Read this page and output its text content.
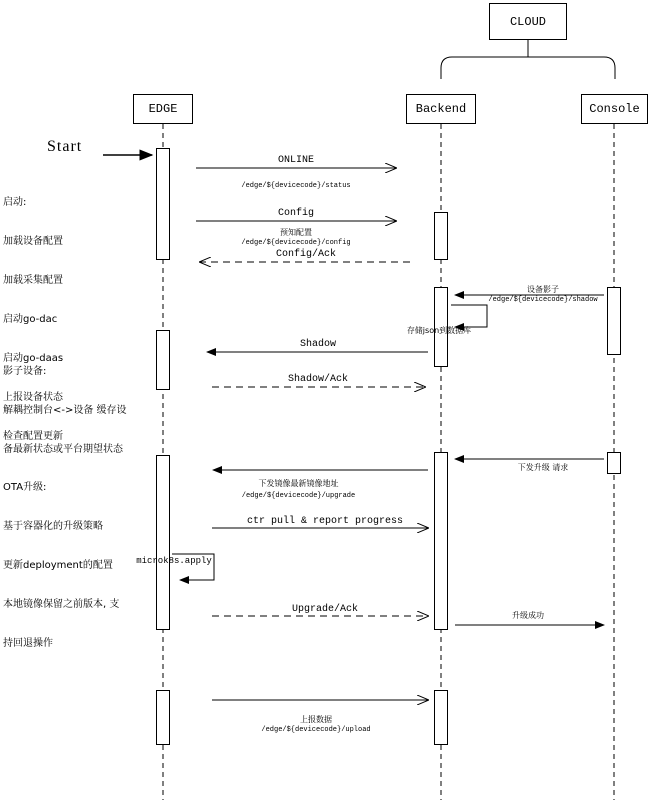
CLOUD
EDGE	Backend	Console
Start

启动:

加载设备配置

加载采集配置

启动go-dac

启动go-daas

上报设备状态

检查配置更新

影子设备:

解耦控制台<->设备 缓存设

备最新状态或平台期望状态

OTA升级:

基于容器化的升级策略

更新deployment的配置

本地镜像保留之前版本, 支

持回退操作

ONLINE
/edge/${devicecode}/status
Config
预知配置
/edge/${devicecode}/config
Config/Ack
设备影子
/edge/${devicecode}/shadow
存储json到数据库
Shadow
Shadow/Ack
下发升级 请求
下发镜像最新镜像地址
/edge/${devicecode}/upgrade
ctr pull & report progress
microk8s.apply
Upgrade/Ack
升级成功
上报数据
/edge/${devicecode}/upload
